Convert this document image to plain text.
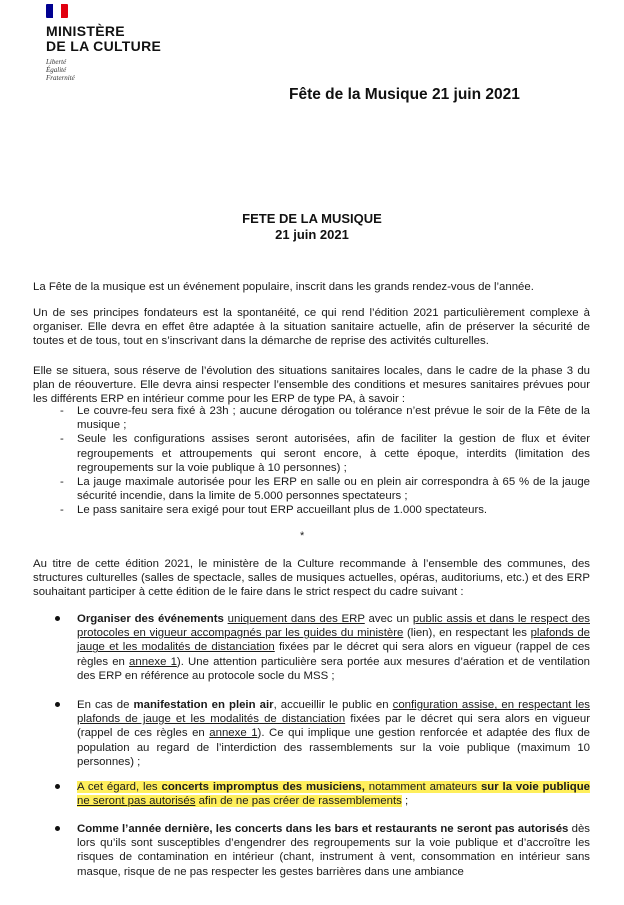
MINISTÈRE
DE LA CULTURE
Liberté
Égalité
Fraternité
Fête de la Musique 21 juin 2021
FETE DE LA MUSIQUE
21 juin 2021
La Fête de la musique est un événement populaire, inscrit dans les grands rendez-vous de l’année.
Un de ses principes fondateurs est la spontanéité, ce qui rend l’édition 2021 particulièrement complexe à organiser. Elle devra en effet être adaptée à la situation sanitaire actuelle, afin de préserver la sécurité de toutes et de tous, tout en s’inscrivant dans la démarche de reprise des activités culturelles.
Elle se situera, sous réserve de l’évolution des situations sanitaires locales, dans le cadre de la phase 3 du plan de réouverture. Elle devra ainsi respecter l’ensemble des conditions et mesures sanitaires prévues pour les différents ERP en intérieur comme pour les ERP de type PA, à savoir :
- Le couvre-feu sera fixé à 23h ; aucune dérogation ou tolérance n’est prévue le soir de la Fête de la musique ;
- Seule les configurations assises seront autorisées, afin de faciliter la gestion de flux et éviter regroupements et attroupements qui seront encore, à cette époque, interdits (limitation des regroupements sur la voie publique à 10 personnes) ;
- La jauge maximale autorisée pour les ERP en salle ou en plein air correspondra à 65 % de la jauge sécurité incendie, dans la limite de 5.000 personnes spectateurs ;
- Le pass sanitaire sera exigé pour tout ERP accueillant plus de 1.000 spectateurs.
*
Au titre de cette édition 2021, le ministère de la Culture recommande à l’ensemble des communes, des structures culturelles (salles de spectacle, salles de musiques actuelles, opéras, auditoriums, etc.) et des ERP souhaitant participer à cette édition de le faire dans le strict respect du cadre suivant :
Organiser des événements uniquement dans des ERP avec un public assis et dans le respect des protocoles en vigueur accompagnés par les guides du ministère (lien), en respectant les plafonds de jauge et les modalités de distanciation fixées par le décret qui sera alors en vigueur (rappel de ces règles en annexe 1). Une attention particulière sera portée aux mesures d’aération et de ventilation des ERP en référence au protocole socle du MSS ;
En cas de manifestation en plein air, accueillir le public en configuration assise, en respectant les plafonds de jauge et les modalités de distanciation fixées par le décret qui sera alors en vigueur (rappel de ces règles en annexe 1). Ce qui implique une gestion renforcée et adaptée des flux de population au regard de l’interdiction des rassemblements sur la voie publique (maximum 10 personnes) ;
A cet égard, les concerts impromptus des musiciens, notamment amateurs sur la voie publique ne seront pas autorisés afin de ne pas créer de rassemblements ;
Comme l’année dernière, les concerts dans les bars et restaurants ne seront pas autorisés dès lors qu’ils sont susceptibles d’engendrer des regroupements sur la voie publique et d’accroître les risques de contamination en intérieur (chant, instrument à vent, consommation en intérieur sans masque, risque de ne pas respecter les gestes barrières dans une ambiance
